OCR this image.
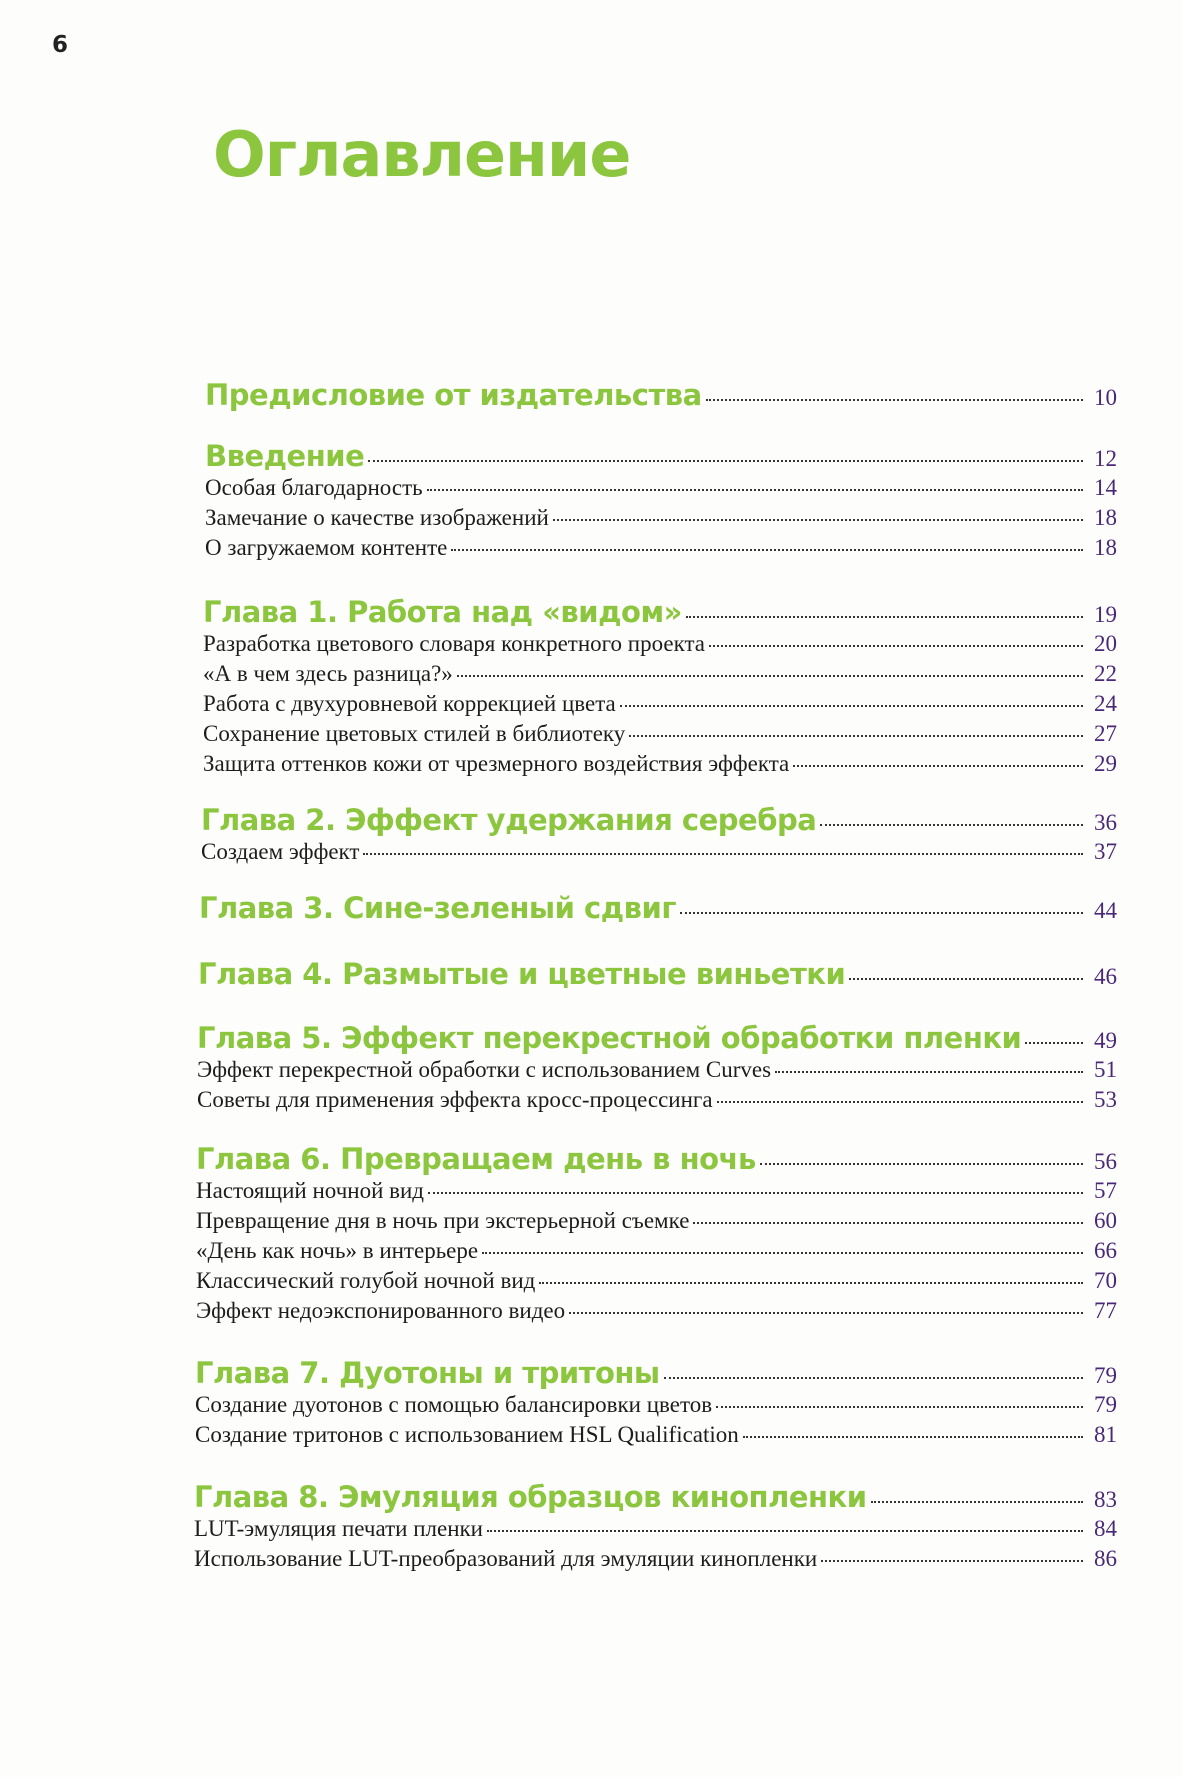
6
Оглавление
Предисловие от издательства	10
Введение	12
Особая благодарность	14
Замечание о качестве изображений	18
О загружаемом контенте	18
Глава 1. Работа над «видом»	19
Разработка цветового словаря конкретного проекта	20
«А в чем здесь разница?»	22
Работа с двухуровневой коррекцией цвета	24
Сохранение цветовых стилей в библиотеку	27
Защита оттенков кожи от чрезмерного воздействия эффекта	29
Глава 2. Эффект удержания серебра	36
Создаем эффект	37
Глава 3. Сине-зеленый сдвиг	44
Глава 4. Размытые и цветные виньетки	46
Глава 5. Эффект перекрестной обработки пленки	49
Эффект перекрестной обработки с использованием Curves	51
Советы для применения эффекта кросс-процессинга	53
Глава 6. Превращаем день в ночь	56
Настоящий ночной вид	57
Превращение дня в ночь при экстерьерной съемке	60
«День как ночь» в интерьере	66
Классический голубой ночной вид	70
Эффект недоэкспонированного видео	77
Глава 7. Дуотоны и тритоны	79
Создание дуотонов с помощью балансировки цветов	79
Создание тритонов с использованием HSL Qualification	81
Глава 8. Эмуляция образцов кинопленки	83
LUT-эмуляция печати пленки	84
Использование LUT-преобразований для эмуляции кинопленки	86
